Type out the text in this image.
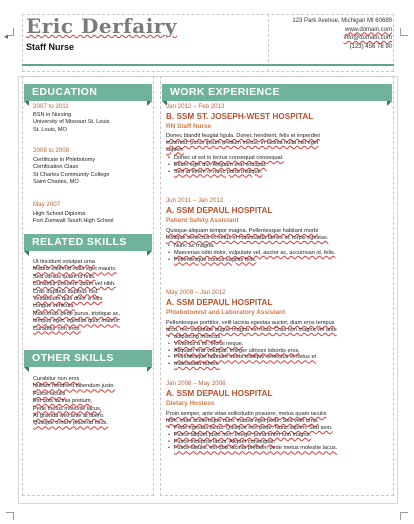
◂ Eric Derfairy
Staff Nurse
123 Park Avenue, Michigan MI 60689
www.domain.com
info@domain.com
(123) 456 78 90
EDUCATION
2007 to 2011
BSN in Nursing
University of Missouri St. Louis
St. Louis, MO
2008 to 2008
Certificate in Phlebotomy
Certification Class
St Charles Community College
Saint Charles, MO
May 2007
High School Diploma
Fort Zumwalt South High School
RELATED SKILLS
Ut tincidunt volutpat urna
Mauris eleifend nulla eget mauris.
Sed cursus quam id felis.
Curabitur posuere quam vel nibh.
Cras dapibus dapibus nisl.
Vestibulum quis dolor a felis
congue vehicula.
Maecenas pede purus, tristique ac,
tempus eget, egestas quis, mauris.
Curabitur non eros.
OTHER SKILLS
Curabitur non eros
Nullam hendrerit bibendum justo.
Fusce iaculis
Est quis lacinia pretium,
Pede metus molestie lacus,
At gravida wisi ante at libero.
Quisque ornare placerat risus.
WORK EXPERIENCE
Jan 2012 – Feb 2013
B. SSM ST. JOSEPH-WEST HOSPITAL
RN Staff Nurse
Donec blandit feugiat ligula. Donec hendrerit, felis et imperdiet
euismod, purus ipsum pretium metus, in lacinia nulla nisl eget
sapien.
• Donec ut est in lectus consequat consequat.
• Etiam eget dui. Aliquam erat volutpat.
• Sed at lorem in nunc porta tristique.
Jun 2011 – Jan 2012
A. SSM DEPAUL HOSPITAL
Patient Safety Assistant
Quisque aliquam tempor magna. Pellentesque habitant morbi
tristique senectus et netus et malesuada fames ac turpis egestas.
• Nunc ac magna.
• Maecenas odio dolor, vulputate vel, auctor ac, accumsan id, felis.
• Pellentesque cursus sagittis felis.
May 2008 – Jan 2012
A. SSM DEPAUL HOSPITAL
Phlebotomist and Laboratory Assistant
Pellentesque porttitor, velit lacinia egestas auctor, diam eros tempus
arcu, nec vulputate augue magna vel risus. Cras non magna vel ante
• adipiscing rhoncus.
• Vivamus a mi. Morbi neque.
• Aliquam erat volutpat. Integer ultrices lobortis eros.
• Pellentesque habitant morbi tristique senectus et netus et
• malesuada fames.
Jan 2008 – May 2008
A. SSM DEPAUL HOSPITAL
Dietary Hostess
Proin semper, ante vitae sollicitudin posuere, metus quam iaculis
nibh, vitae scelerisque nunc massa eget pede. Sed velit urna.
• Pede egestas lacus. Quisque non pede. Nunc sapien. Sed sem.
• Fusce aliquet justo non. Integer porta enim non magna.
• Fusce inceptos lacus. Aliquet consequat.
• Fusce iaculis, est quis lacinia pretium, pede metus molestie lacus.
